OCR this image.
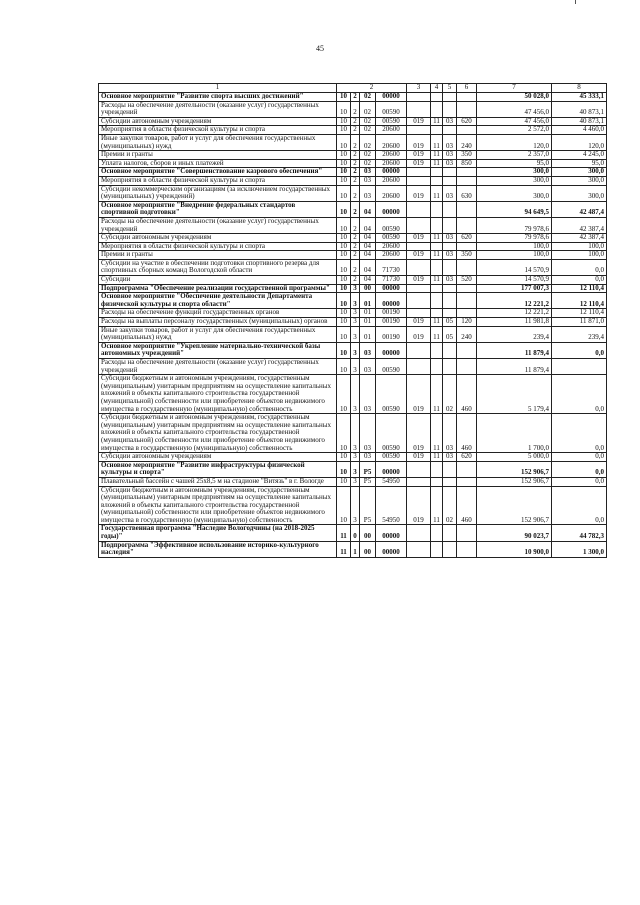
45
1	2				3	4	5	6	7	8
Основное мероприятие "Развитие спорта высших достижений"	10	2	02	00000					50 028,0	45 333,1
Расходы на обеспечение деятельности (оказание услуг) государственных учреждений	10	2	02	00590					47 456,0	40 873,1
Субсидии автономным учреждениям	10	2	02	00590	019	11	03	620	47 456,0	40 873,1
Мероприятия в области физической культуры и спорта	10	2	02	20600					2 572,0	4 460,0
Иные закупки товаров, работ и услуг для обеспечения государственных (муниципальных) нужд	10	2	02	20600	019	11	03	240	120,0	120,0
Премии и гранты	10	2	02	20600	019	11	03	350	2 357,0	4 245,0
Уплата налогов, сборов и иных платежей	10	2	02	20600	019	11	03	850	95,0	95,0
Основное мероприятие "Совершенствование казрового обеспечения"	10	2	03	00000					300,0	300,0
Мероприятия в области физической культуры и спорта	10	2	03	20600					300,0	300,0
Субсидии некоммерческим организациям (за исключением государственных (муниципальных) учреждений)	10	2	03	20600	019	11	03	630	300,0	300,0
Основное мероприятие "Внедрение федеральных стандартов спортивной подготовки"	10	2	04	00000					94 649,5	42 487,4
Расходы на обеспечение деятельности (оказание услуг) государственных учреждений	10	2	04	00590					79 978,6	42 387,4
Субсидии автономным учреждениям	10	2	04	00590	019	11	03	620	79 978,6	42 387,4
Мероприятия в области физической культуры и спорта	10	2	04	20600					100,0	100,0
Премии и гранты	10	2	04	20600	019	11	03	350	100,0	100,0
Субсидии на участие в обеспечении подготовки спортивного резерва для спортивных сборных команд Вологодской области	10	2	04	71730					14 570,9	0,0
Субсидии	10	2	04	71730	019	11	03	520	14 570,9	0,0
Подпрограмма "Обеспечение реализации государственной программы"	10	3	00	00000					177 007,3	12 110,4
Основное мероприятие "Обеспечение деятельности Департамента физической культуры и спорта области"	10	3	01	00000					12 221,2	12 110,4
Расходы на обеспечение функций государственных органов	10	3	01	00190					12 221,2	12 110,4
Расходы на выплаты персоналу государственных (муниципальных) органов	10	3	01	00190	019	11	05	120	11 981,8	11 871,0
Иные закупки товаров, работ и услуг для обеспечения государственных (муниципальных) нужд	10	3	01	00190	019	11	05	240	239,4	239,4
Основное мероприятие "Укрепление материально-технической базы автономных учреждений"	10	3	03	00000					11 879,4	0,0
Расходы на обеспечение деятельности (оказание услуг) государственных учреждений	10	3	03	00590					11 879,4	
Субсидии бюджетным и автономным учреждениям, государственным (муниципальным) унитарным предприятиям на осуществление капитальных вложений в объекты капитального строительства государственной (муниципальной) собственности или приобретение объектов недвижимого имущества в государственную (муниципальную) собственность	10	3	03	00590	019	11	02	460	5 179,4	0,0
Субсидии бюджетным и автономным учреждениям, государственным (муниципальным) унитарным предприятиям на осуществление капитальных вложений в объекты капитального строительства государственной (муниципальной) собственности или приобретение объектов недвижимого имущества в государственную (муниципальную) собственность	10	3	03	00590	019	11	03	460	1 700,0	0,0
Субсидии автономным учреждениям	10	3	03	00590	019	11	03	620	5 000,0	0,0
Основное мероприятие "Развитие инфраструктуры физической культуры и спорта"	10	3	P5	00000					152 906,7	0,0
Плавательный бассейн с чашей 25х8,5 м на стадионе "Витязь" в г. Вологде	10	3	P5	54950					152 906,7	0,0
Субсидии бюджетным и автономным учреждениям, государственным (муниципальным) унитарным предприятиям на осуществление капитальных вложений в объекты капитального строительства государственной (муниципальной) собственности или приобретение объектов недвижимого имущества в государственную (муниципальную) собственность	10	3	P5	54950	019	11	02	460	152 906,7	0,0
Государственная программа "Наследие Вологодчины (на 2018-2025 годы)"	11	0	00	00000					90 023,7	44 782,3
Подпрограмма "Эффективное использование историко-культурного наследия"	11	1	00	00000					10 900,0	1 300,0
